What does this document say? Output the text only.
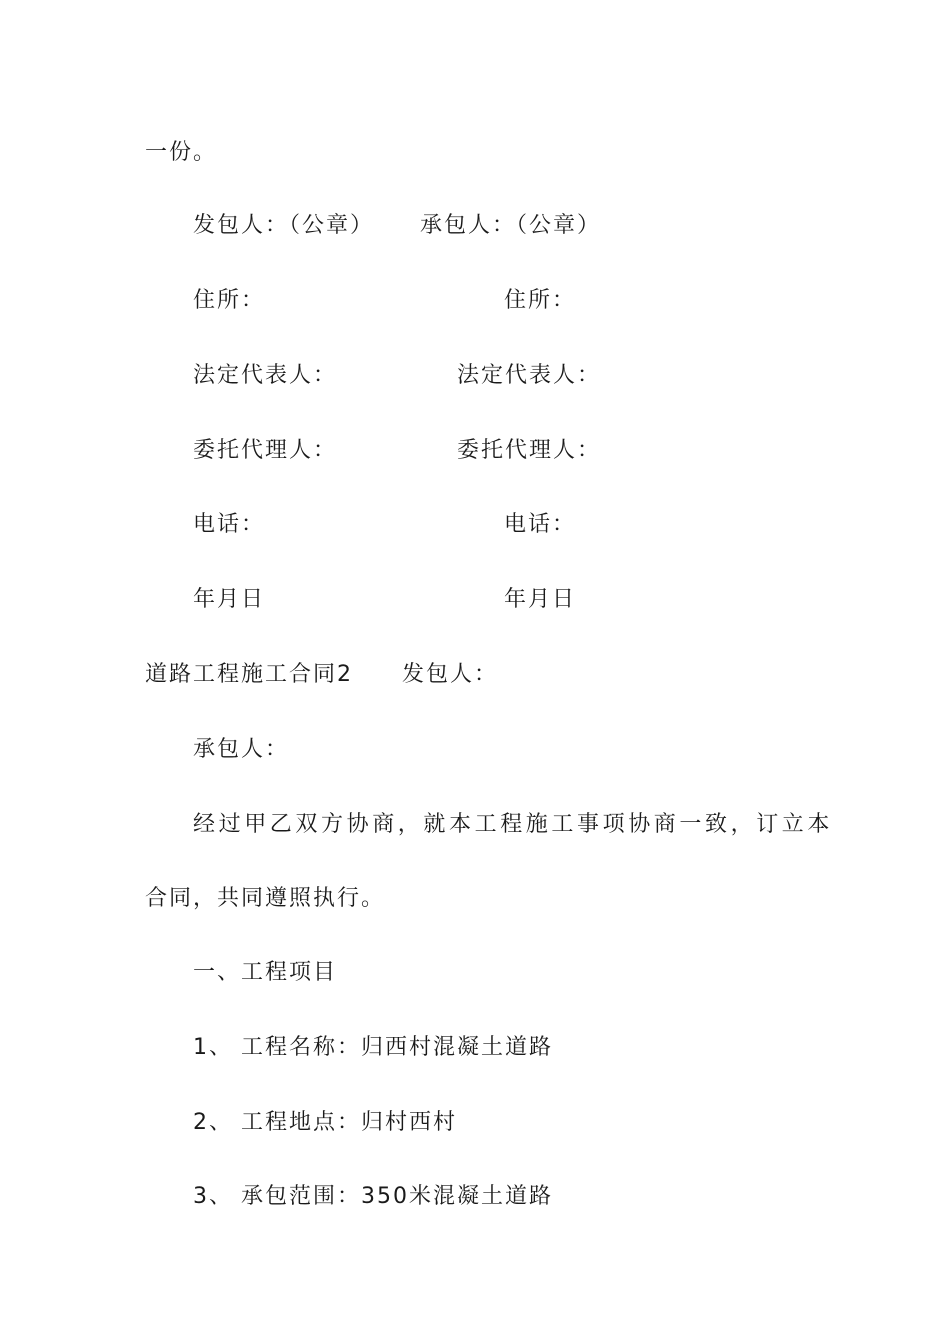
一份。
发包人：（公章） 承包人：（公章）
住所：	住所：
法定代表人：	法定代表人：
委托代理人：	委托代理人：
电话：	电话：
年月日	年月日
道路工程施工合同2 发包人：
承包人：
经过甲乙双方协商，就本工程施工事项协商一致，订立本
合同，共同遵照执行。
一、工程项目
1、 工程名称：归西村混凝土道路
2、 工程地点：归村西村
3、 承包范围：350米混凝土道路
